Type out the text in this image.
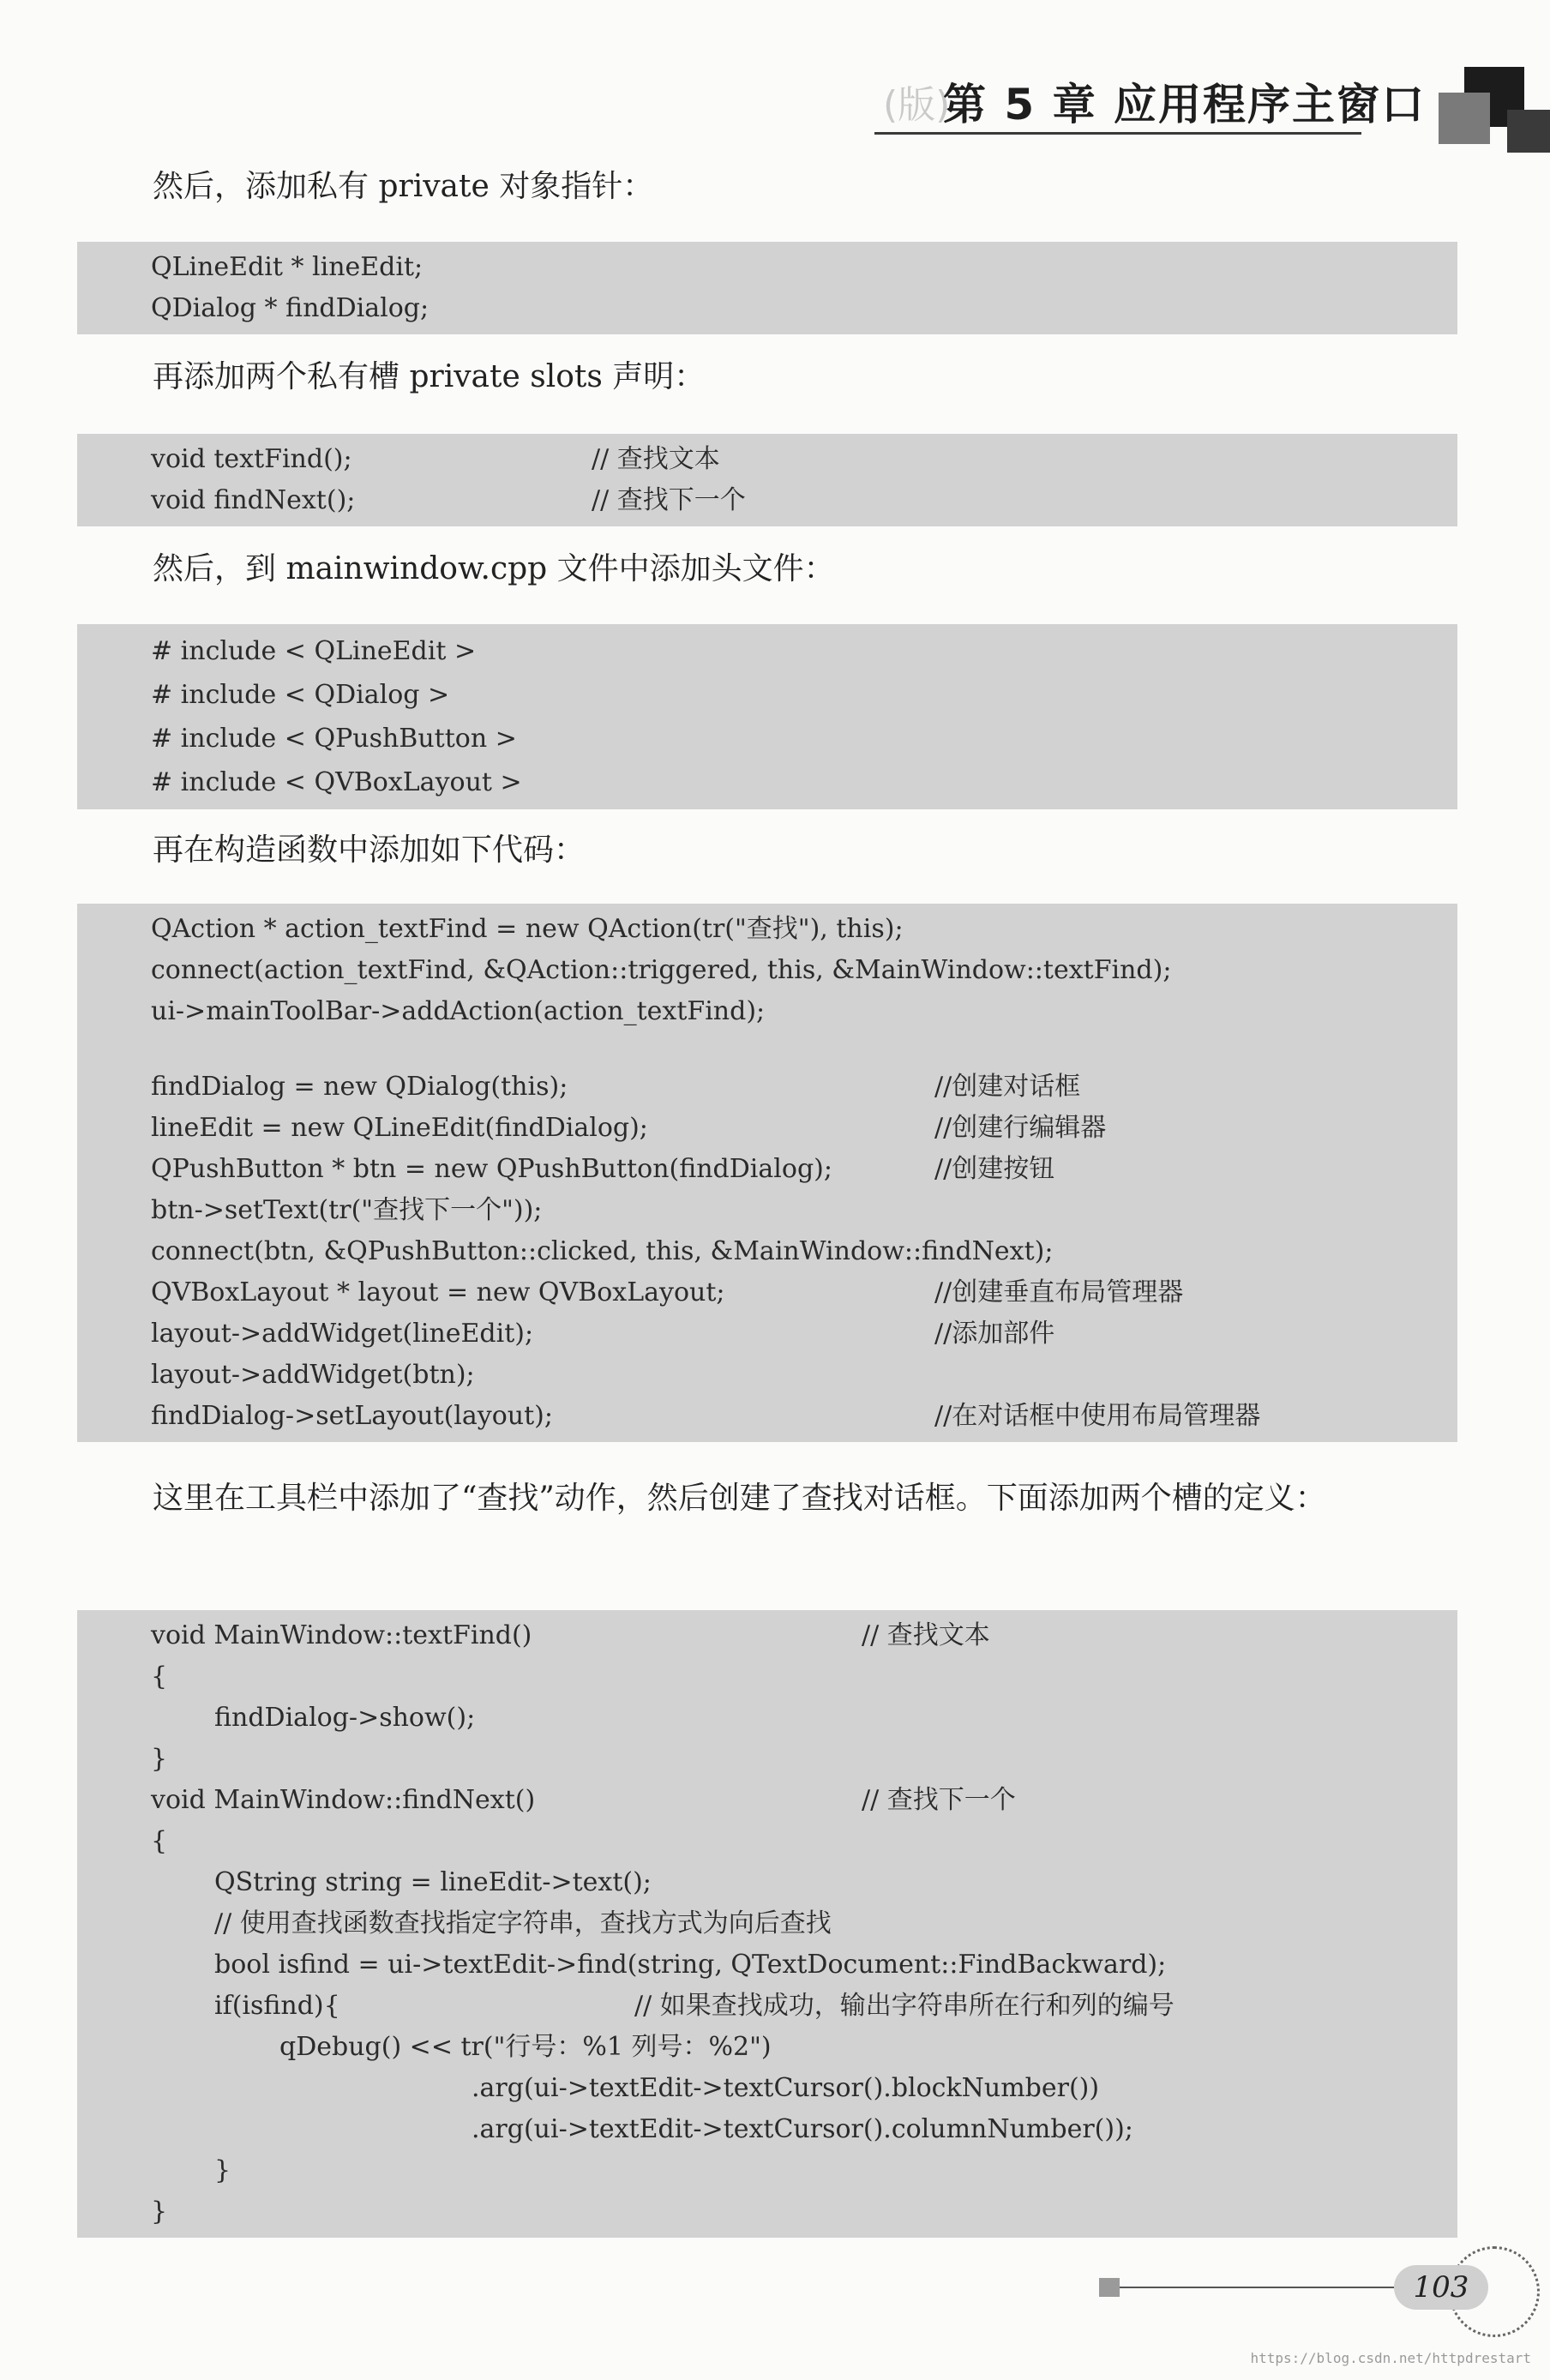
(版)
第 5 章 应用程序主窗口
然后，添加私有 private 对象指针：
QLineEdit * lineEdit;
QDialog * findDialog;
再添加两个私有槽 private slots 声明：

void textFind();

	// 查找文本

void findNext();

	// 查找下一个

然后，到 mainwindow.cpp 文件中添加头文件：
# include < QLineEdit >
# include < QDialog >
# include < QPushButton >
# include < QVBoxLayout >
再在构造函数中添加如下代码：
QAction * action_textFind = new QAction(tr("查找"), this);
connect(action_textFind, &QAction::triggered, this, &MainWindow::textFind);
ui->mainToolBar->addAction(action_textFind);

findDialog = new QDialog(this);

	//创建对话框

lineEdit = new QLineEdit(findDialog);

	//创建行编辑器

QPushButton * btn = new QPushButton(findDialog);

	//创建按钮

btn->setText(tr("查找下一个"));
connect(btn, &QPushButton::clicked, this, &MainWindow::findNext);

QVBoxLayout * layout = new QVBoxLayout;

	//创建垂直布局管理器

layout->addWidget(lineEdit);

	//添加部件

layout->addWidget(btn);

findDialog->setLayout(layout);

	//在对话框中使用布局管理器

这里在工具栏中添加了“查找”动作，然后创建了查找对话框。下面添加两个槽的定义：

void MainWindow::textFind()

	// 查找文本

{
findDialog->show();
}

void MainWindow::findNext()

	// 查找下一个

{
QString string = lineEdit->text();
// 使用查找函数查找指定字符串，查找方式为向后查找
bool isfind = ui->textEdit->find(string, QTextDocument::FindBackward);

if(isfind){

	// 如果查找成功，输出字符串所在行和列的编号

qDebug() << tr("行号：%1 列号：%2")
.arg(ui->textEdit->textCursor().blockNumber())
.arg(ui->textEdit->textCursor().columnNumber());
}
}
103
https://blog.csdn.net/httpdrestart
